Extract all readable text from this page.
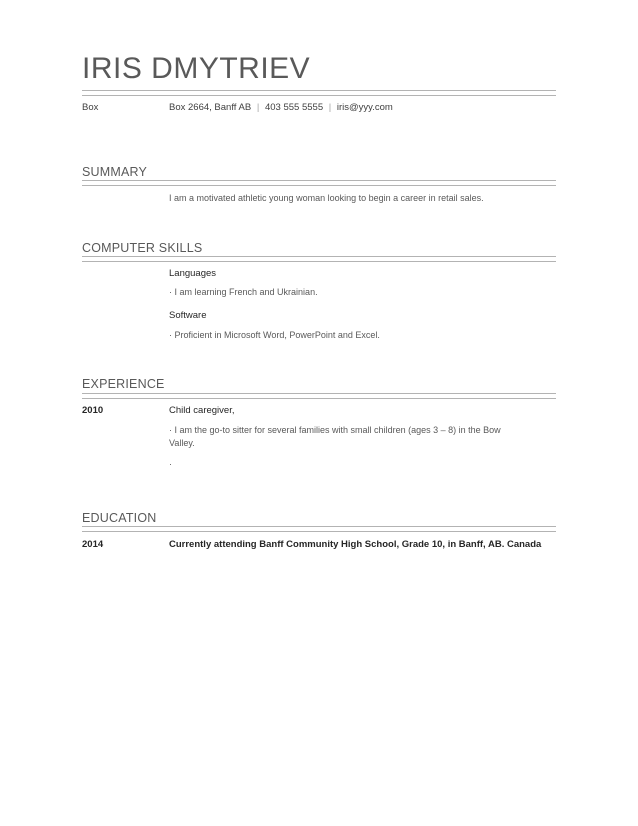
IRIS DMYTRIEV
Box	Box 2664, Banff AB | 403 555 5555 | iris@yyy.com
SUMMARY
I am a motivated athletic young woman looking to begin a career in retail sales.
COMPUTER SKILLS
Languages
· I am learning French and Ukrainian.
Software
· Proficient in Microsoft Word, PowerPoint and Excel.
EXPERIENCE
2010	Child caregiver,
· I am the go-to sitter for several families with small children (ages 3 – 8) in the Bow Valley.
·
EDUCATION
2014	Currently attending Banff Community High School, Grade 10, in Banff, AB. Canada
